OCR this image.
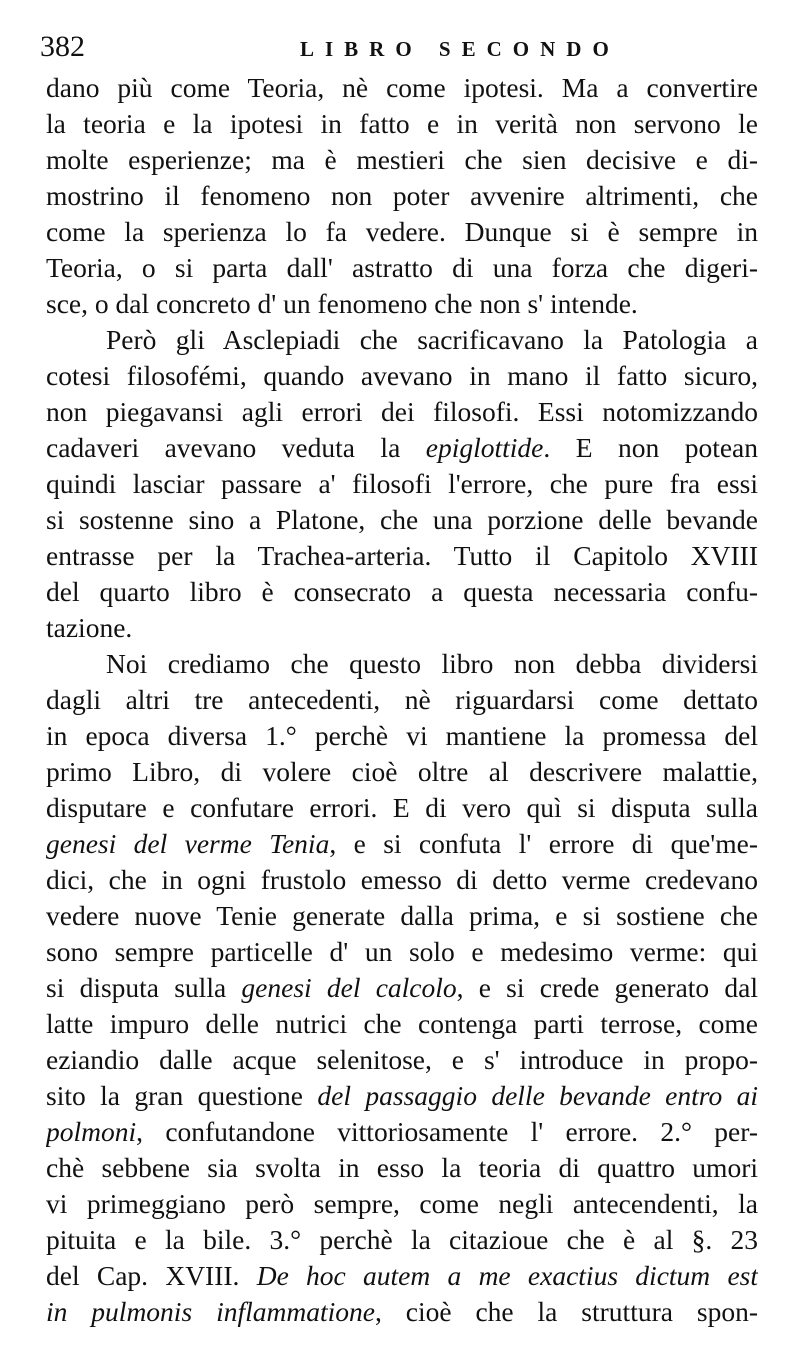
382	LIBRO SECONDO
dano più come Teoria, nè come ipotesi. Ma a convertire
la teoria e la ipotesi in fatto e in verità non servono le
molte esperienze; ma è mestieri che sien decisive e di-
mostrino il fenomeno non poter avvenire altrimenti, che
come la sperienza lo fa vedere. Dunque si è sempre in
Teoria, o si parta dall' astratto di una forza che digeri-
sce, o dal concreto d' un fenomeno che non s' intende.
Però gli Asclepiadi che sacrificavano la Patologia a
cotesi filosofémi, quando avevano in mano il fatto sicuro,
non piegavansi agli errori dei filosofi. Essi notomizzando
cadaveri avevano veduta la epiglottide. E non potean
quindi lasciar passare a' filosofi l'errore, che pure fra essi
si sostenne sino a Platone, che una porzione delle bevande
entrasse per la Trachea-arteria. Tutto il Capitolo XVIII
del quarto libro è consecrato a questa necessaria confu-
tazione.
Noi crediamo che questo libro non debba dividersi
dagli altri tre antecedenti, nè riguardarsi come dettato
in epoca diversa 1.° perchè vi mantiene la promessa del
primo Libro, di volere cioè oltre al descrivere malattie,
disputare e confutare errori. E di vero quì si disputa sulla
genesi del verme Tenia, e si confuta l' errore di que'me-
dici, che in ogni frustolo emesso di detto verme credevano
vedere nuove Tenie generate dalla prima, e si sostiene che
sono sempre particelle d' un solo e medesimo verme: qui
si disputa sulla genesi del calcolo, e si crede generato dal
latte impuro delle nutrici che contenga parti terrose, come
eziandio dalle acque selenitose, e s' introduce in propo-
sito la gran questione del passaggio delle bevande entro ai
polmoni, confutandone vittoriosamente l' errore. 2.° per-
chè sebbene sia svolta in esso la teoria di quattro umori
vi primeggiano però sempre, come negli antecendenti, la
pituita e la bile. 3.° perchè la citazioue che è al §. 23
del Cap. XVIII. De hoc autem a me exactius dictum est
in pulmonis inflammatione, cioè che la struttura spon-
